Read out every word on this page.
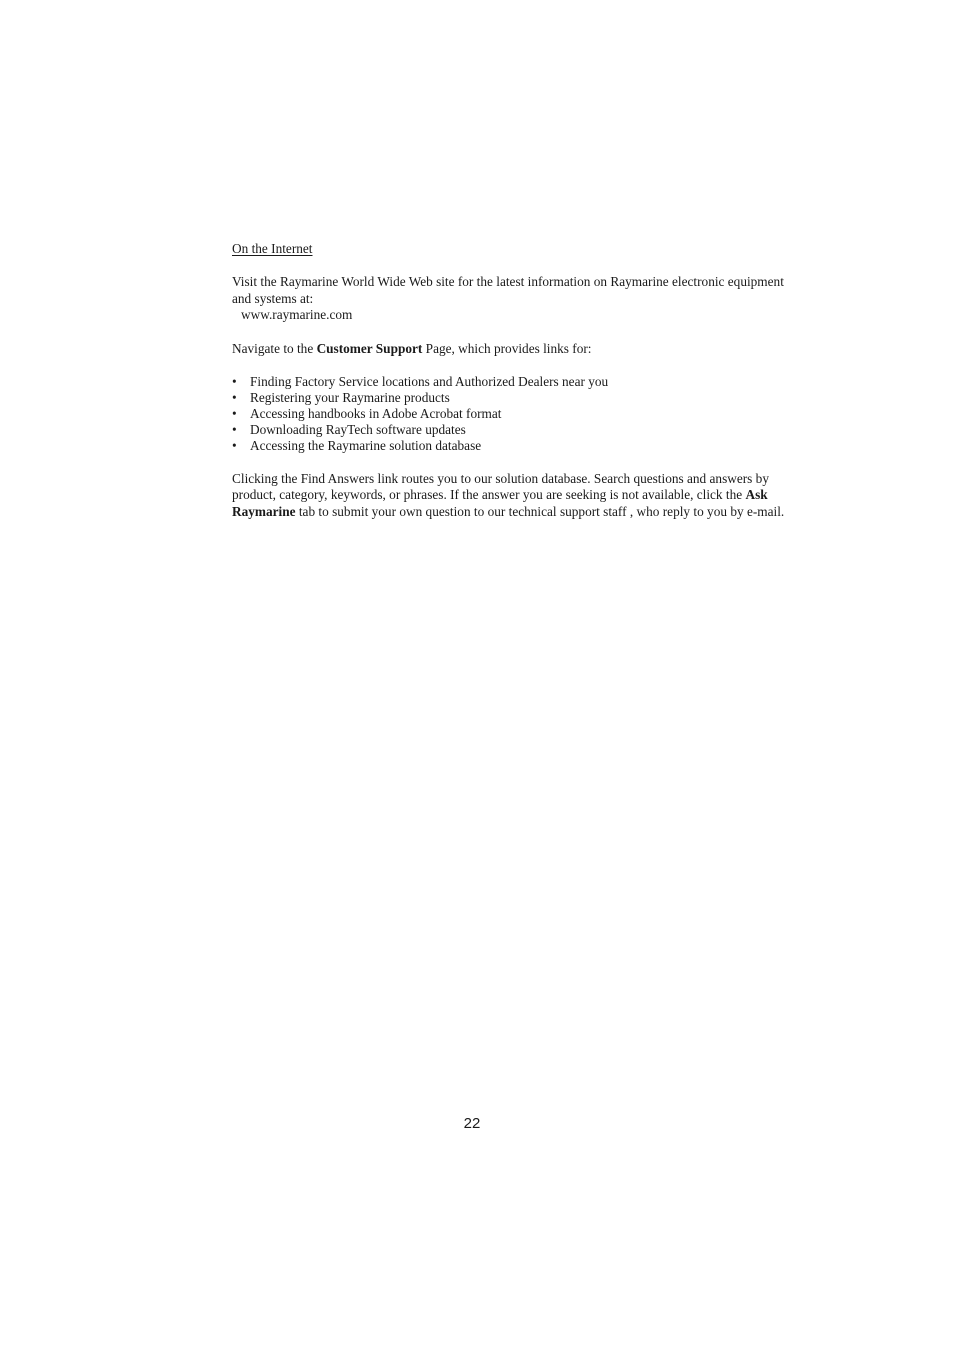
On the Internet

Visit the Raymarine World Wide Web site for the latest information on Raymarine electronic equipment and systems at:

www.raymarine.com

Navigate to the Customer Support Page, which provides links for:

• Finding Factory Service locations and Authorized Dealers near you
• Registering your Raymarine products
• Accessing handbooks in Adobe Acrobat format
• Downloading RayTech software updates
• Accessing the Raymarine solution database

Clicking the Find Answers link routes you to our solution database. Search questions and answers by product, category, keywords, or phrases. If the answer you are seeking is not available, click the Ask Raymarine tab to submit your own question to our technical support staff , who reply to you by e-mail.

22
